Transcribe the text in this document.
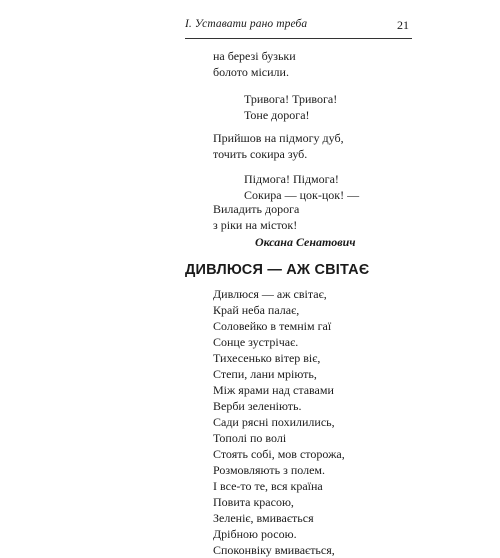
І. Уставати рано треба	21
на березі бузьки
болото місили.
Тривога! Тривога!
Тоне дорога!
Прийшов на підмогу дуб,
точить сокира зуб.
Підмога! Підмога!
Сокира — цок-цок! —
Виладить дорога
з ріки на місток!
Оксана Сенатович
ДИВЛЮСЯ — АЖ СВІТАЄ
Дивлюся — аж світає,
Край неба палає,
Соловейко в темнім гаї
Сонце зустрічає.
Тихесенько вітер віє,
Степи, лани мріють,
Між ярами над ставами
Верби зеленіють.
Сади рясні похилились,
Тополі по волі
Стоять собі, мов сторожа,
Розмовляють з полем.
І все-то те, вся країна
Повита красою,
Зеленіє, вмивається
Дрібною росою.
Споконвіку вмивається,
